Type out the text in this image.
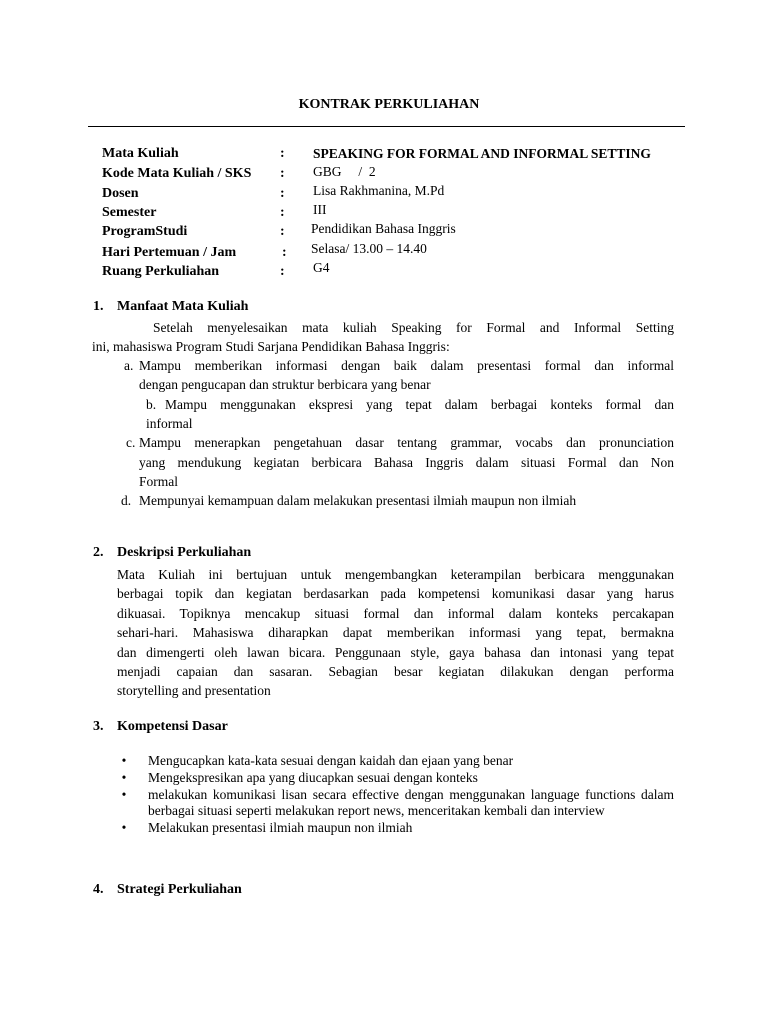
KONTRAK PERKULIAHAN
Mata Kuliah	: SPEAKING FOR FORMAL AND INFORMAL SETTING
Kode Mata Kuliah / SKS : GBG     /  2
Dosen	: Lisa Rakhmanina, M.Pd
Semester	: III
ProgramStudi	: Pendidikan Bahasa Inggris
Hari Pertemuan / Jam	: Selasa/ 13.00 – 14.40
Ruang Perkuliahan	: G4
1. Manfaat Mata Kuliah
Setelah menyelesaikan mata kuliah Speaking for Formal and Informal Setting
ini, mahasiswa Program Studi Sarjana Pendidikan Bahasa Inggris:
a. Mampu memberikan informasi dengan baik dalam presentasi formal dan informal
dengan pengucapan dan struktur berbicara yang benar
b. Mampu menggunakan ekspresi yang tepat dalam berbagai konteks formal dan
informal
c. Mampu menerapkan pengetahuan dasar tentang grammar, vocabs dan pronunciation
yang mendukung kegiatan berbicara Bahasa Inggris dalam situasi Formal dan Non
Formal
d. Mempunyai kemampuan dalam melakukan presentasi ilmiah maupun non ilmiah
2. Deskripsi Perkuliahan
Mata Kuliah ini bertujuan untuk mengembangkan keterampilan berbicara menggunakan
berbagai topik dan kegiatan berdasarkan pada kompetensi komunikasi dasar yang harus
dikuasai. Topiknya mencakup situasi formal dan informal dalam konteks percakapan
sehari-hari. Mahasiswa diharapkan dapat memberikan informasi yang tepat, bermakna
dan dimengerti oleh lawan bicara. Penggunaan style, gaya bahasa dan intonasi yang tepat
menjadi capaian dan sasaran. Sebagian besar kegiatan dilakukan dengan performa
storytelling and presentation
3. Kompetensi Dasar
• Mengucapkan kata-kata sesuai dengan kaidah dan ejaan yang benar
• Mengekspresikan apa yang diucapkan sesuai dengan konteks
• melakukan komunikasi lisan secara effective dengan menggunakan language functions dalam berbagai situasi seperti melakukan report news, menceritakan kembali dan interview
• Melakukan presentasi ilmiah maupun non ilmiah
4. Strategi Perkuliahan
